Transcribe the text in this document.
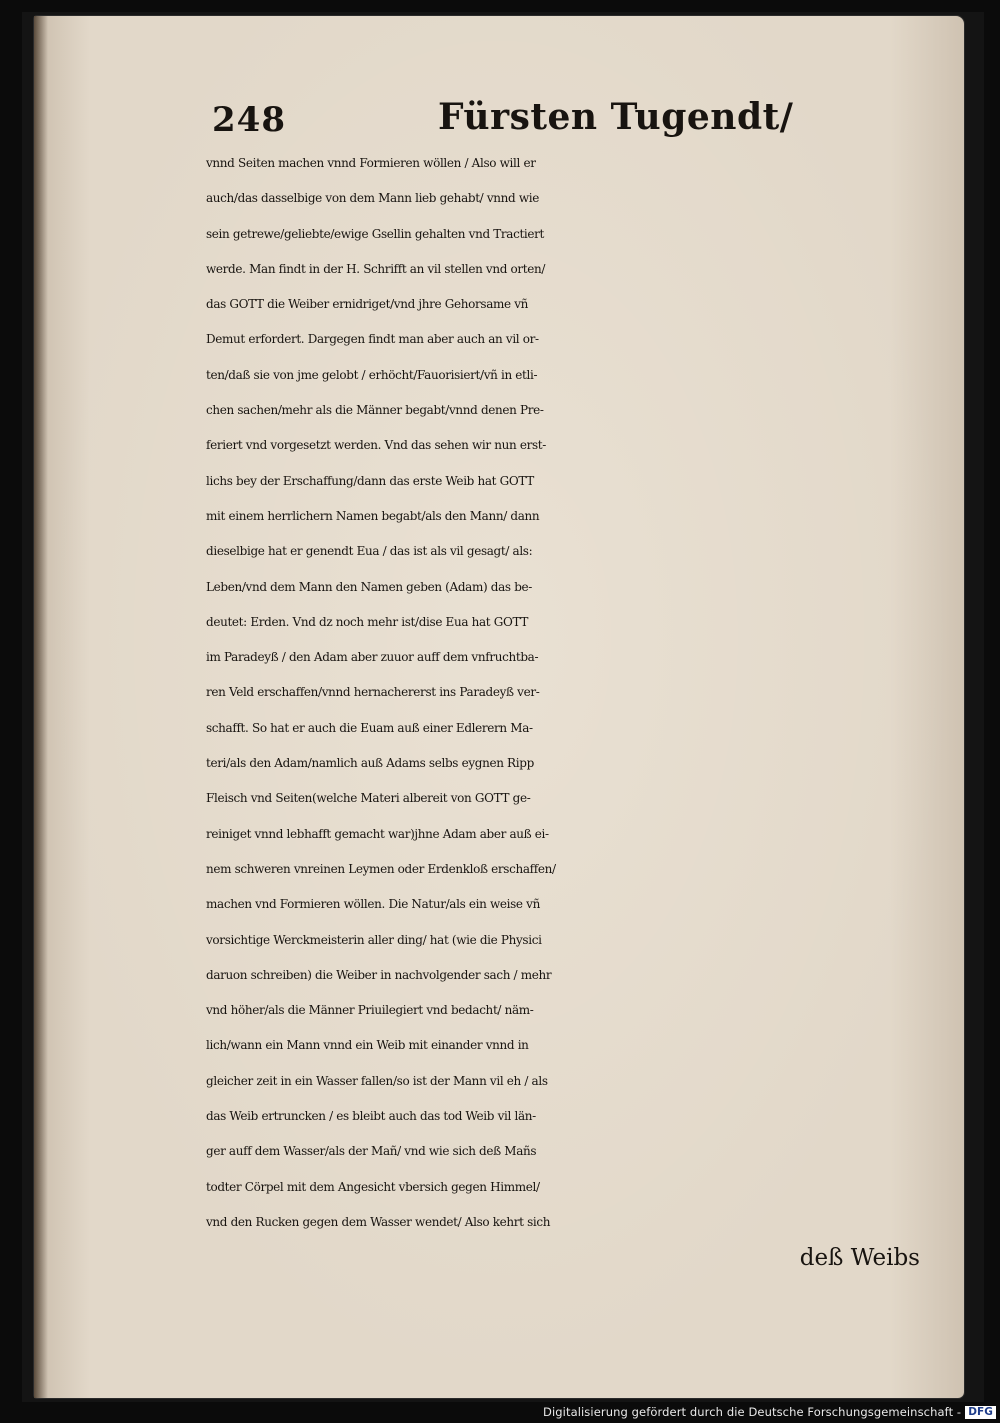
248	Fürsten Tugendt/
vnnd Seiten machen vnnd Formieren wöllen / Also will er
auch/das dasselbige von dem Mann lieb gehabt/ vnnd wie
sein getrewe/geliebte/ewige Gsellin gehalten vnd Tractiert
werde. Man findt in der H. Schrifft an vil stellen vnd orten/
das GOTT die Weiber ernidriget/vnd jhre Gehorsame vñ
Demut erfordert. Dargegen findt man aber auch an vil or-
ten/daß sie von jme gelobt / erhöcht/Fauorisiert/vñ in etli-
chen sachen/mehr als die Männer begabt/vnnd denen Pre-
feriert vnd vorgesetzt werden. Vnd das sehen wir nun erst-
lichs bey der Erschaffung/dann das erste Weib hat GOTT
mit einem herrlichern Namen begabt/als den Mann/ dann
dieselbige hat er genendt Eua / das ist als vil gesagt/ als:
Leben/vnd dem Mann den Namen geben (Adam) das be-
deutet: Erden. Vnd dz noch mehr ist/dise Eua hat GOTT
im Paradeyß / den Adam aber zuuor auff dem vnfruchtba-
ren Veld erschaffen/vnnd hernachererst ins Paradeyß ver-
schafft. So hat er auch die Euam auß einer Edlerern Ma-
teri/als den Adam/namlich auß Adams selbs eygnen Ripp
Fleisch vnd Seiten(welche Materi albereit von GOTT ge-
reiniget vnnd lebhafft gemacht war)jhne Adam aber auß ei-
nem schweren vnreinen Leymen oder Erdenkloß erschaffen/
machen vnd Formieren wöllen. Die Natur/als ein weise vñ
vorsichtige Werckmeisterin aller ding/ hat (wie die Physici
daruon schreiben) die Weiber in nachvolgender sach / mehr
vnd höher/als die Männer Priuilegiert vnd bedacht/ näm-
lich/wann ein Mann vnnd ein Weib mit einander vnnd in
gleicher zeit in ein Wasser fallen/so ist der Mann vil eh / als
das Weib ertruncken / es bleibt auch das tod Weib vil län-
ger auff dem Wasser/als der Mañ/ vnd wie sich deß Mañs
todter Cörpel mit dem Angesicht vbersich gegen Himmel/
vnd den Rucken gegen dem Wasser wendet/ Also kehrt sich
deß Weibs
Digitalisierung gefördert durch die Deutsche Forschungsgemeinschaft - DFG
